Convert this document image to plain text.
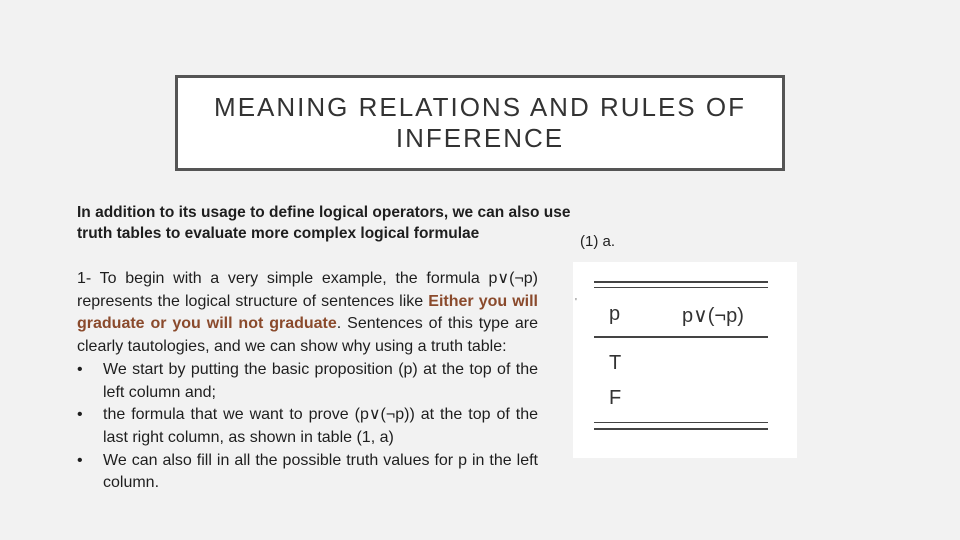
MEANING RELATIONS AND RULES OF INFERENCE
In addition to its usage to define logical operators, we can also use
truth tables to evaluate more complex logical formulae	(1) a.
1- To begin with a very simple example, the formula p∨(¬p) represents the logical structure of sentences like Either you will graduate or you will not graduate. Sentences of this type are clearly tautologies, and we can show why using a truth table:
• We start by putting the basic proposition (p) at the top of the left column and;
• the formula that we want to prove (p∨(¬p)) at the top of the last right column, as shown in table (1, a)
• We can also fill in all the possible truth values for p in the left column.
'
p	p∨(¬p)
T
F
